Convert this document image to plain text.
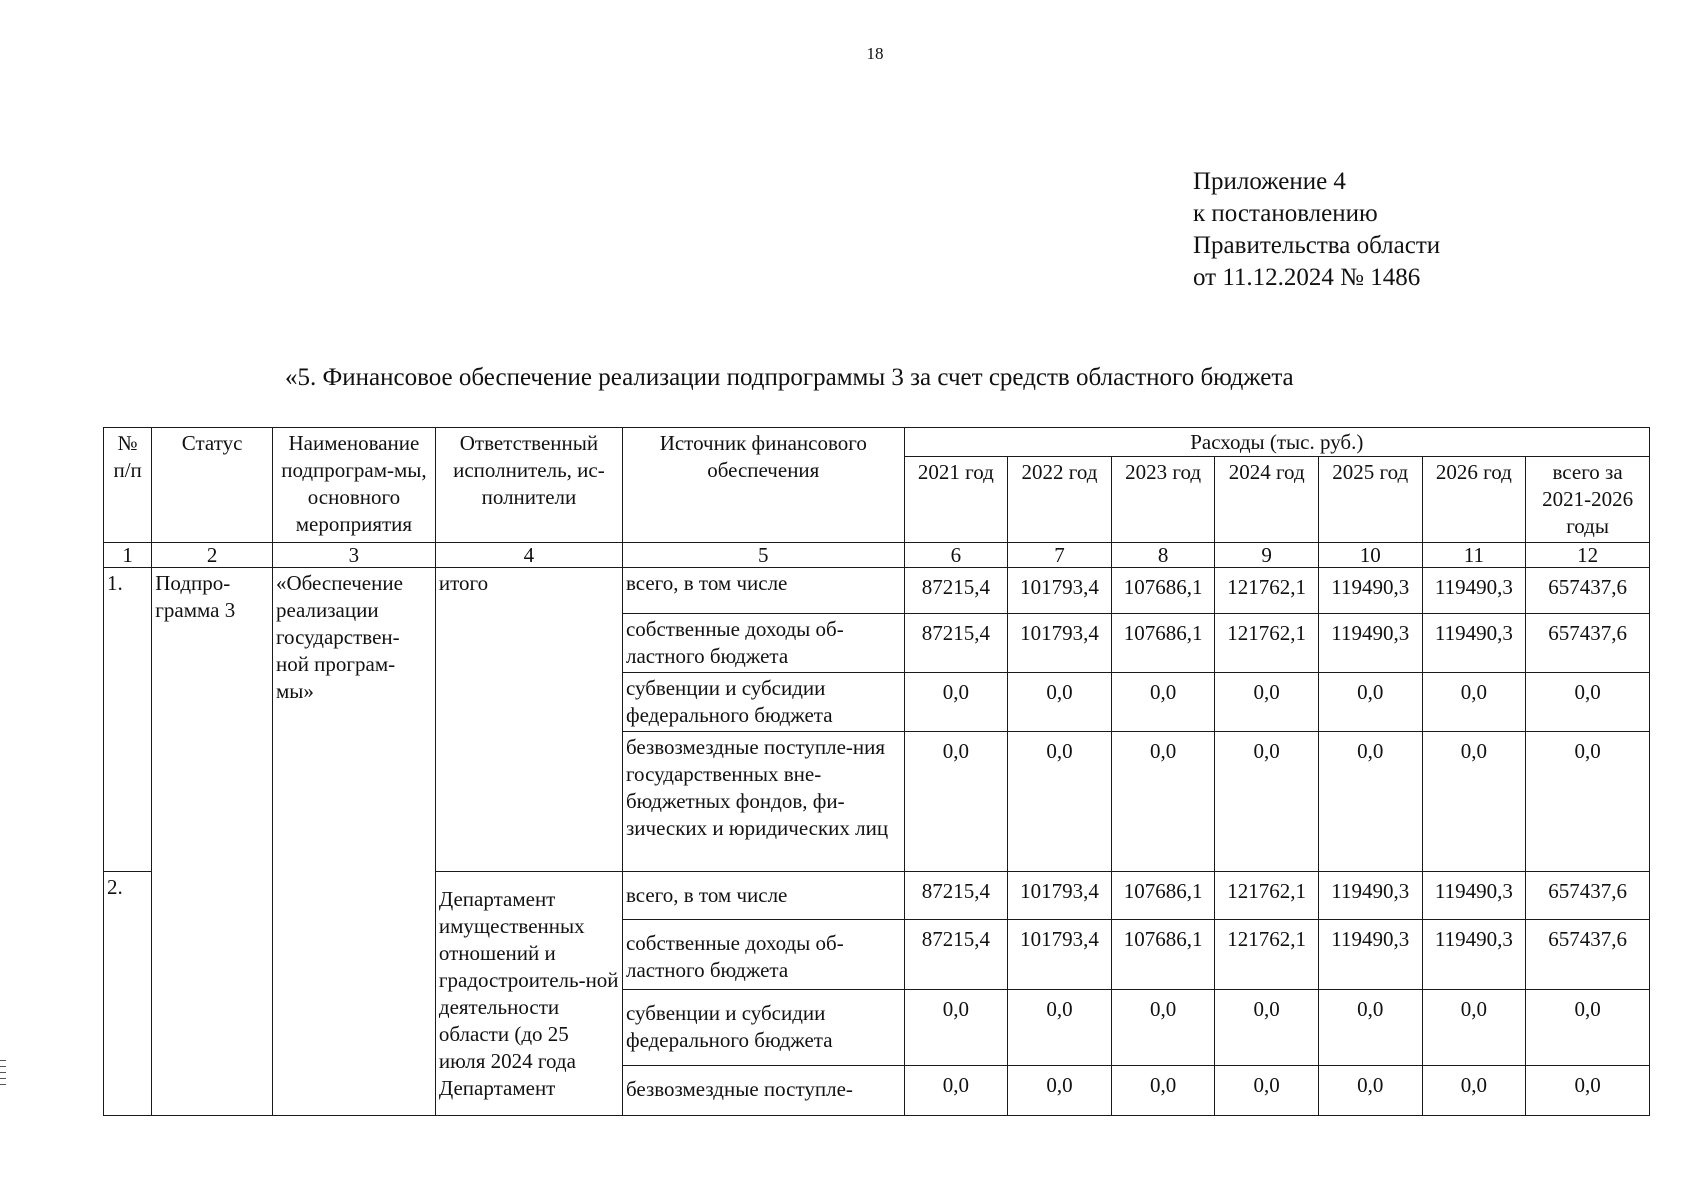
18
Приложение 4
к постановлению
Правительства области
от 11.12.2024 № 1486
«5. Финансовое обеспечение реализации подпрограммы 3 за счет средств областного бюджета
№ п/п	Статус	Наименование подпрограм-мы, основного мероприятия	Ответственный исполнитель, ис-полнители	Источник финансового обеспечения	Расходы (тыс. руб.)						
					2021 год	2022 год	2023 год	2024 год	2025 год	2026 год	всего за 2021-2026 годы
1	2	3	4	5	6	7	8	9	10	11	12
1.	Подпро-грамма 3	«Обеспечение реализации государствен-ной програм-мы»	итого	всего, в том числе	87215,4	101793,4	107686,1	121762,1	119490,3	119490,3	657437,6
				собственные доходы об-ластного бюджета	87215,4	101793,4	107686,1	121762,1	119490,3	119490,3	657437,6
				субвенции и субсидии федерального бюджета	0,0	0,0	0,0	0,0	0,0	0,0	0,0
				безвозмездные поступле-ния государственных вне-бюджетных фондов, фи-зических и юридических лиц	0,0	0,0	0,0	0,0	0,0	0,0	0,0
2.			Департамент имущественных отношений и градостроитель-ной деятельности области (до 25 июля 2024 года Департамент	всего, в том числе	87215,4	101793,4	107686,1	121762,1	119490,3	119490,3	657437,6
				собственные доходы об-ластного бюджета	87215,4	101793,4	107686,1	121762,1	119490,3	119490,3	657437,6
				субвенции и субсидии федерального бюджета	0,0	0,0	0,0	0,0	0,0	0,0	0,0
				безвозмездные поступле-	0,0	0,0	0,0	0,0	0,0	0,0	0,0
